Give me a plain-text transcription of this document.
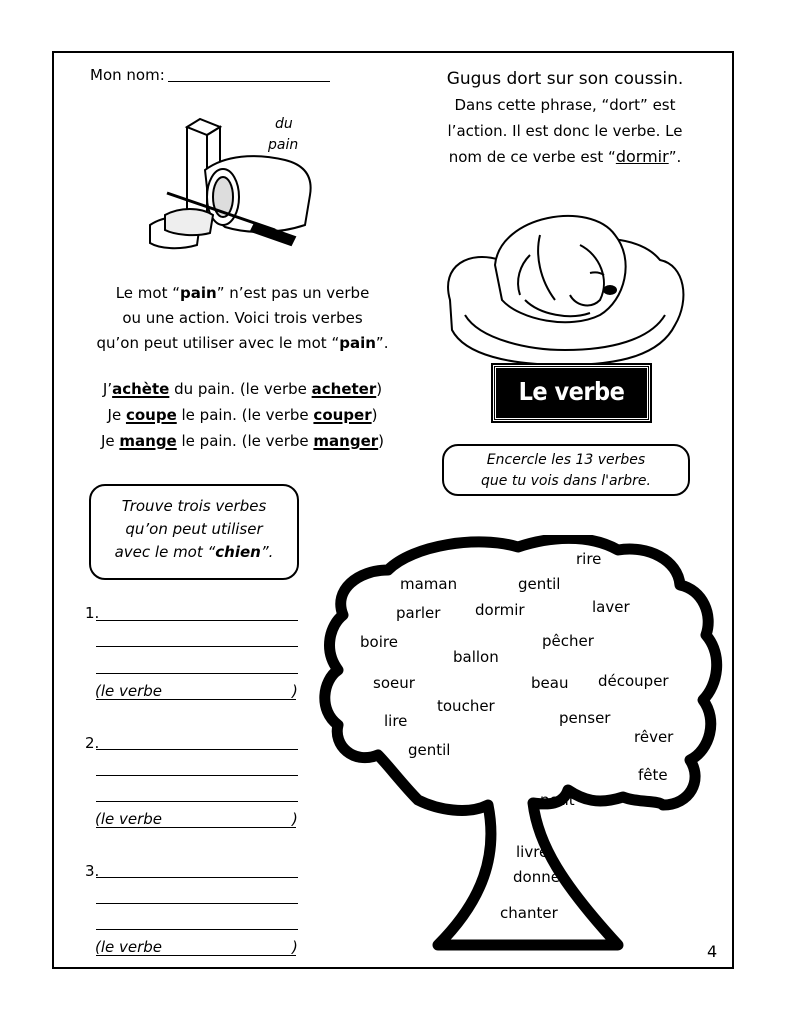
Mon nom:
du
pain
Gugus dort sur son coussin.
Dans cette phrase, “dort” est
l’action. Il est donc le verbe. Le
nom de ce verbe est “dormir”.
Le verbe
Le mot “pain” n’est pas un verbe
ou une action. Voici trois verbes
qu’on peut utiliser avec le mot “pain”.
J’achète du pain. (le verbe acheter)
Je coupe le pain. (le verbe couper)
Je mange le pain. (le verbe manger)
Encercle les 13 verbes
que tu vois dans l'arbre.
Trouve trois verbes
qu’on peut utiliser
avec le mot “chien”.
1.
(le verbe	)
2.
(le verbe	)
3.
(le verbe	)
rire
maman	gentil
parler dormir	laver
boire	pêcher
ballon
soeur	beau découper
toucher
lire	penser
rêver
gentil
fête
petit
livre
donner
chanter
4
